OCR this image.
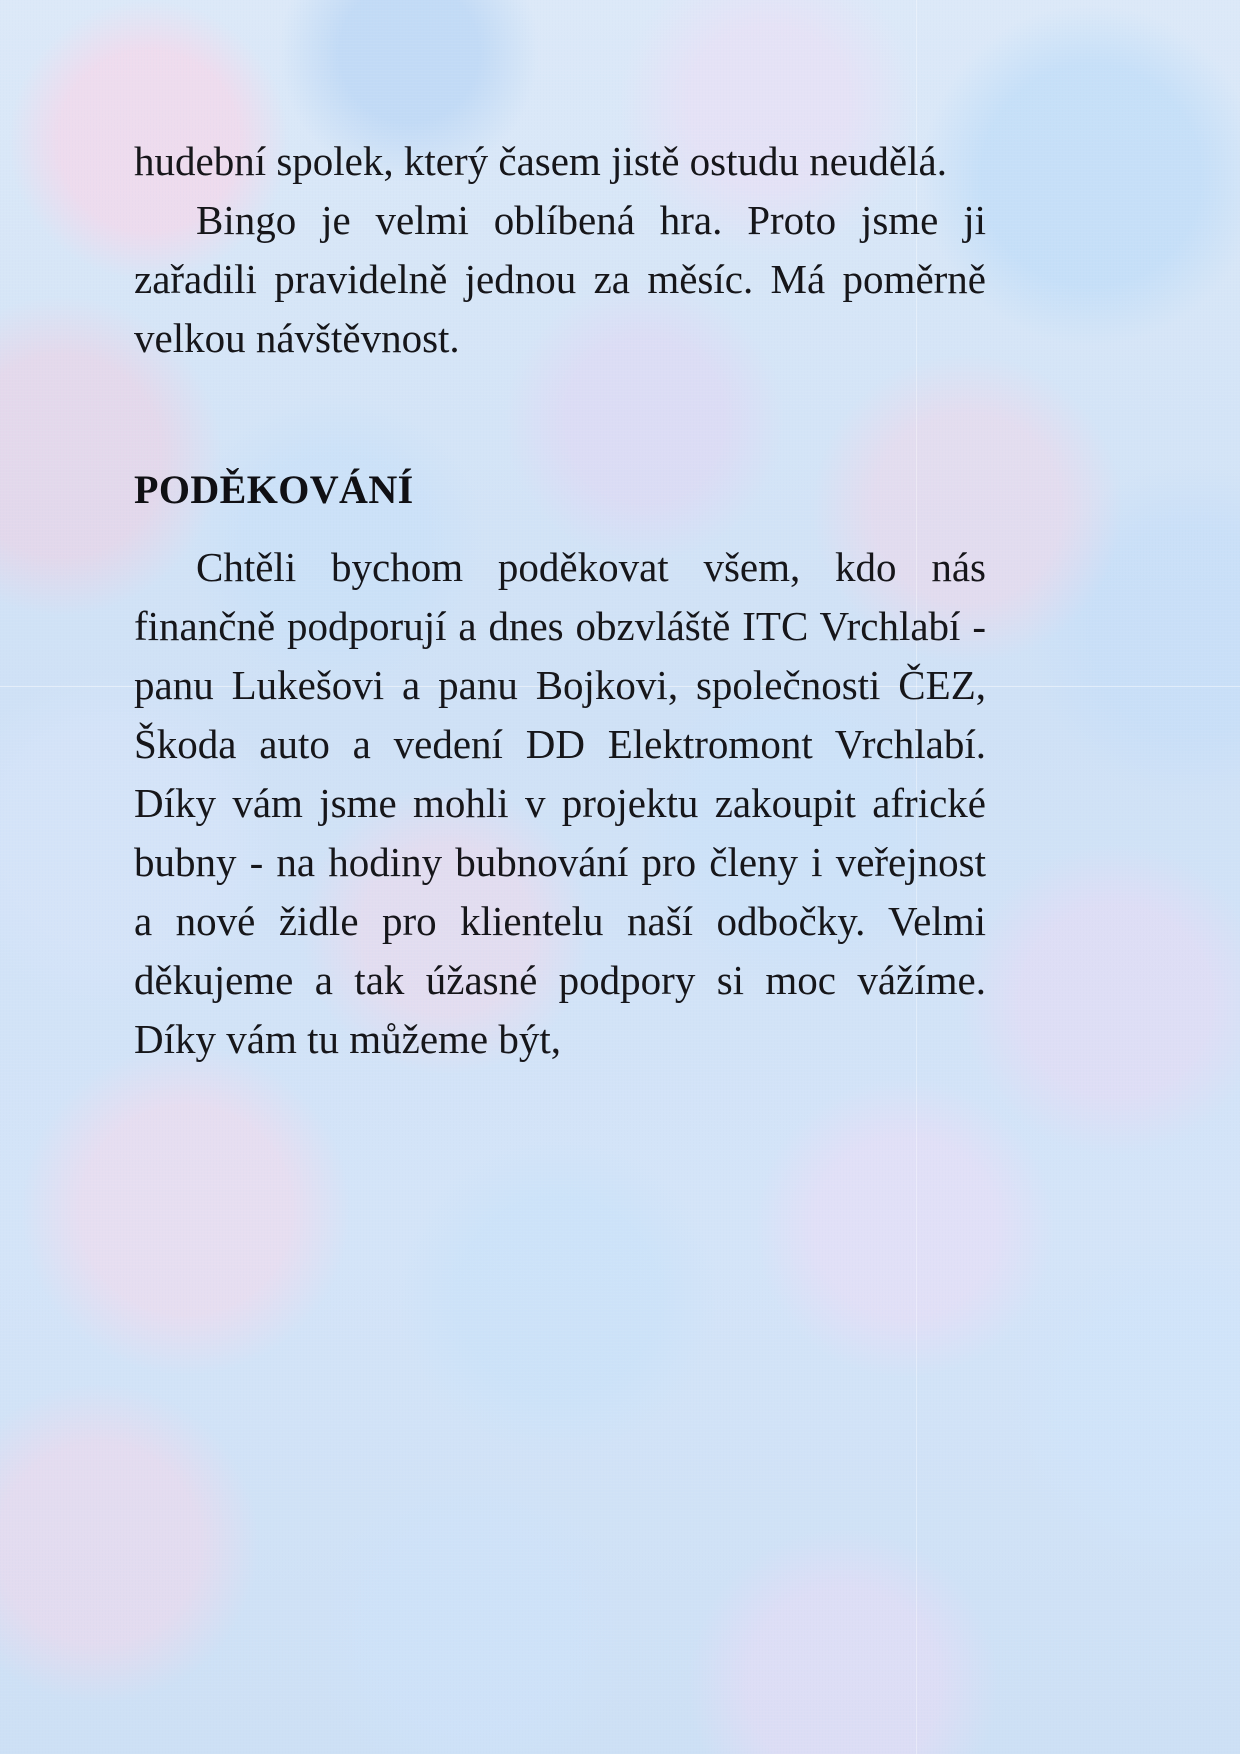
hudební spolek, který časem jistě ostudu neudělá.

Bingo je velmi oblíbená hra. Proto jsme ji zařadili pravidelně jednou za měsíc. Má poměrně velkou návštěvnost.

PODĚKOVÁNÍ

Chtěli bychom poděkovat všem, kdo nás finančně podporují a dnes obzvláště ITC Vrchlabí - panu Lukešovi a panu Bojkovi, společnosti ČEZ, Škoda auto a vedení DD Elektromont Vrchlabí. Díky vám jsme mohli v projektu zakoupit africké bubny - na hodiny bubnování pro členy i veřejnost a nové židle pro klientelu naší odbočky. Velmi děkujeme a tak úžasné podpory si moc vážíme. Díky vám tu můžeme být,
